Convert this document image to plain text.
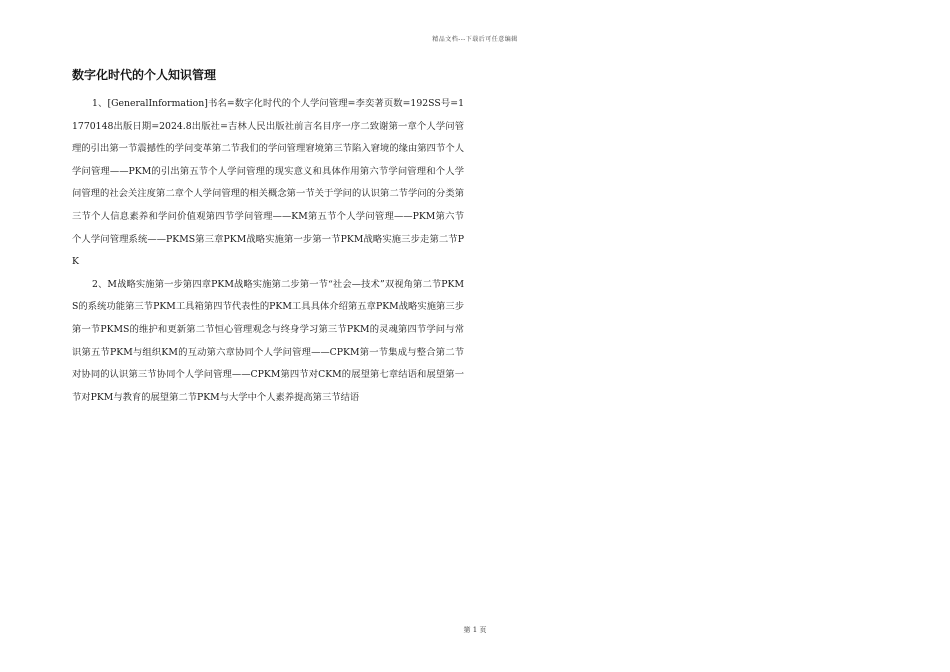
精品文档---下载后可任意编辑
数字化时代的个人知识管理

1、[GeneralInformation]书名=数字化时代的个人学问管理=李奕著页数=192SS号=11770148出版日期=2024.8出版社=吉林人民出版社前言名目序一序二致谢第一章个人学问管理的引出第一节震撼性的学问变革第二节我们的学问管理窘境第三节陷入窘境的缘由第四节个人学问管理——PKM的引出第五节个人学问管理的现实意义和具体作用第六节学问管理和个人学问管理的社会关注度第二章个人学问管理的相关概念第一节关于学问的认识第二节学问的分类第三节个人信息素养和学问价值观第四节学问管理——KM第五节个人学问管理——PKM第六节个人学问管理系统——PKMS第三章PKM战略实施第一步第一节PKM战略实施三步走第二节PK

2、M战略实施第一步第四章PKM战略实施第二步第一节“社会—技术”双视角第二节PKMS的系统功能第三节PKM工具箱第四节代表性的PKM工具具体介绍第五章PKM战略实施第三步第一节PKMS的维护和更新第二节恒心管理观念与终身学习第三节PKM的灵魂第四节学问与常识第五节PKM与组织KM的互动第六章协同个人学问管理——CPKM第一节集成与整合第二节对协同的认识第三节协同个人学问管理——CPKM第四节对CKM的展望第七章结语和展望第一节对PKM与教育的展望第二节PKM与大学中个人素养提高第三节结语

第 1 页
